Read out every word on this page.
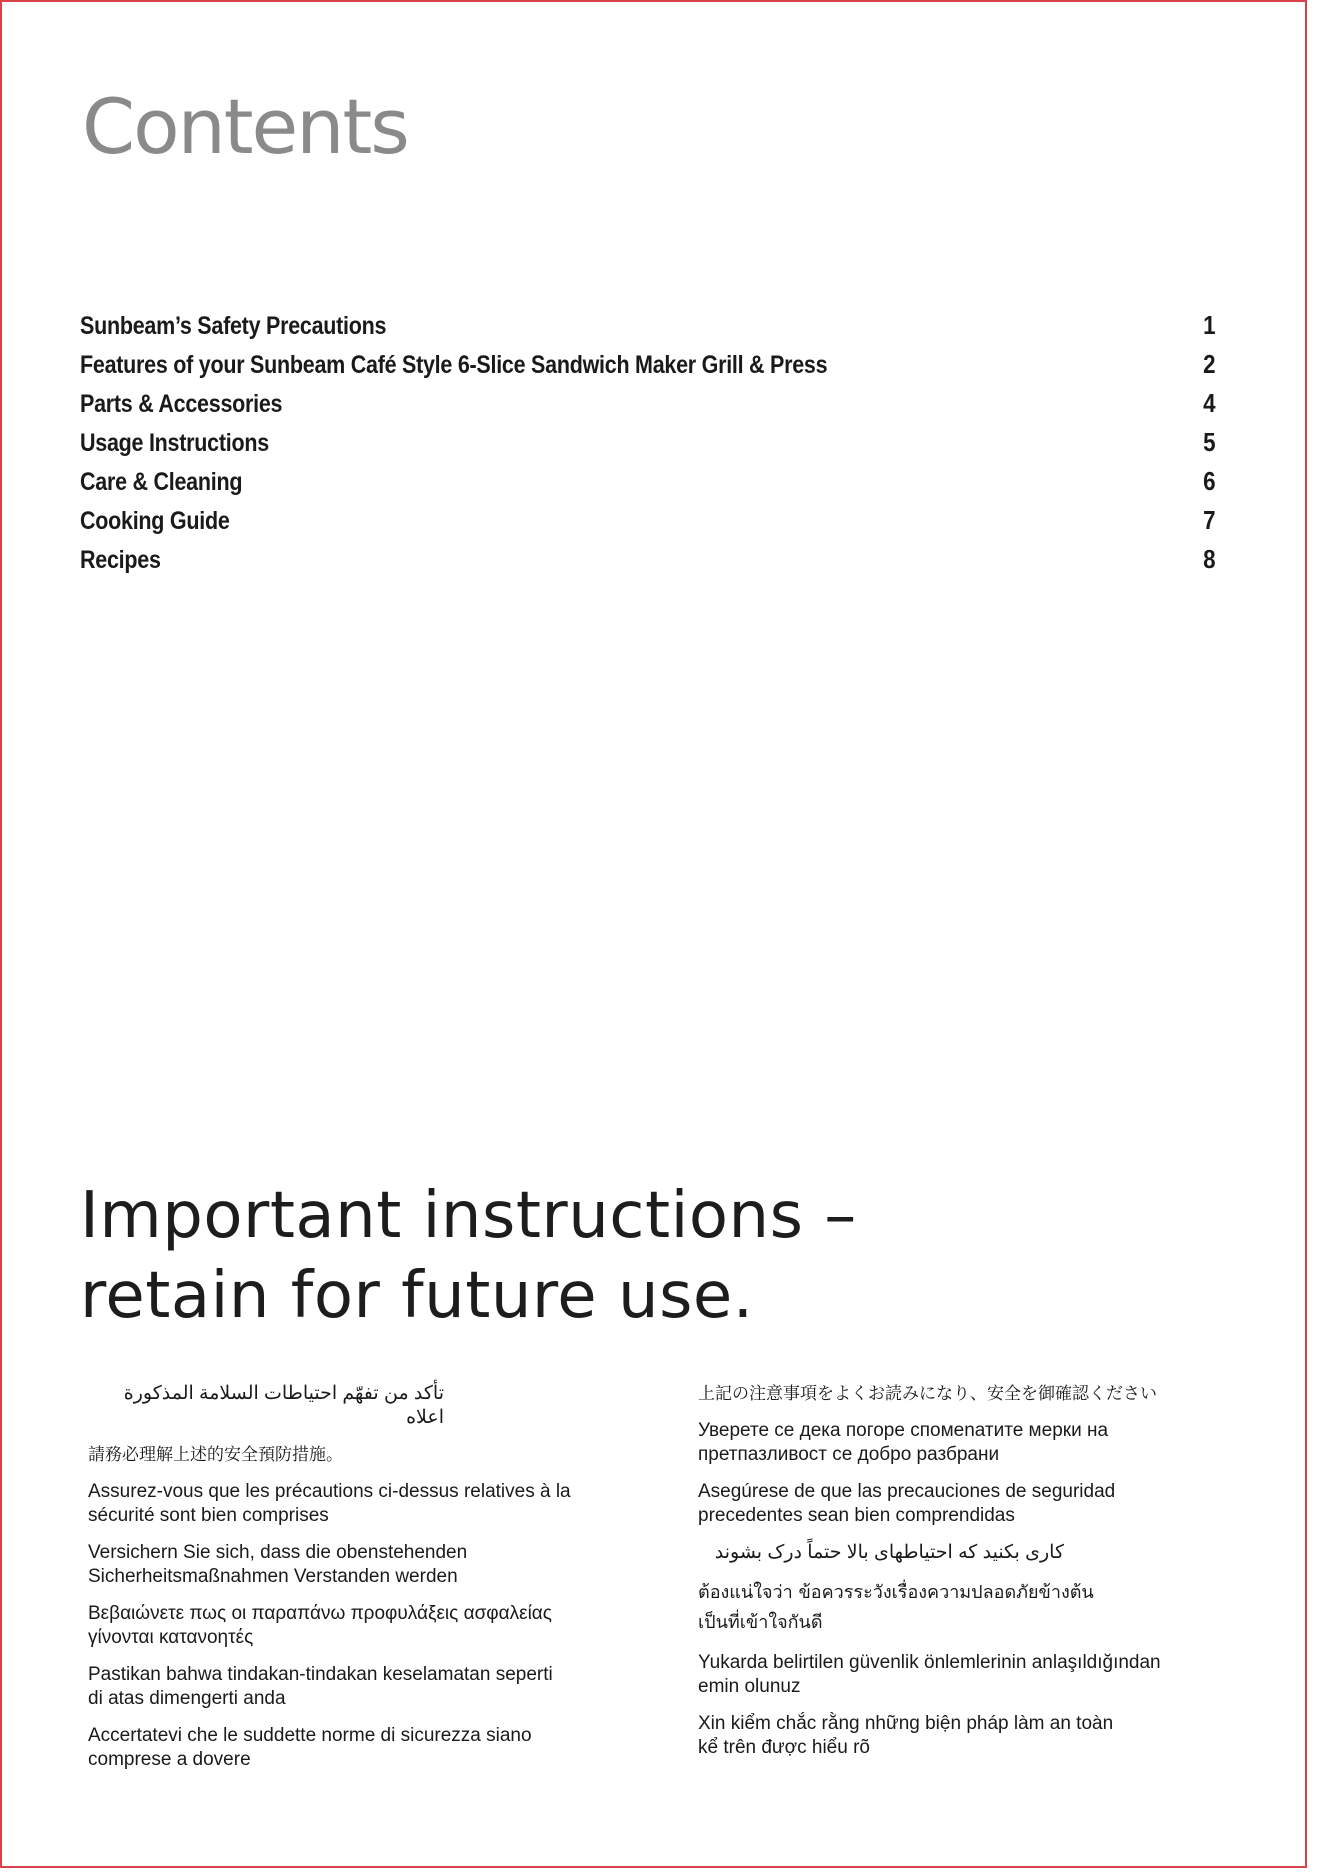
Contents
Sunbeam’s Safety Precautions	1
Features of your Sunbeam Café Style 6-Slice Sandwich Maker Grill & Press	2
Parts & Accessories	4
Usage Instructions	5
Care & Cleaning	6
Cooking Guide	7
Recipes	8
Important instructions –
retain for future use.

تأكد من تفهّم احتياطات السلامة المذكورة اعلاه

請務必理解上述的安全預防措施。

Assurez-vous que les précautions ci-dessus relatives à la
sécurité sont bien comprises

Versichern Sie sich, dass die obenstehenden
Sicherheitsmaßnahmen Verstanden werden

Βεβαιώνετε πως οι παραπάνω προφυλάξεις ασφαλείας
γίνονται κατανοητές

Pastikan bahwa tindakan-tindakan keselamatan seperti
di atas dimengerti anda

Accertatevi che le suddette norme di sicurezza siano
comprese a dovere

上記の注意事項をよくお読みになり、安全を御確認ください

Уверете се дека погоре спомenатите мерки на
претпазливост се добро разбрани

Asegúrese de que las precauciones de seguridad
precedentes sean bien comprendidas

کاری بکنید که احتیاطهای بالا حتماً درک بشوند

ต้องแน่ใจว่า ข้อควรระวังเรื่องความปลอดภัยข้างต้น
เป็นที่เข้าใจกันดี

Yukarda belirtilen güvenlik önlemlerinin anlaşıldığından
emin olunuz

Xin kiểm chắc rằng những biện pháp làm an toàn
kể trên được hiểu rõ
